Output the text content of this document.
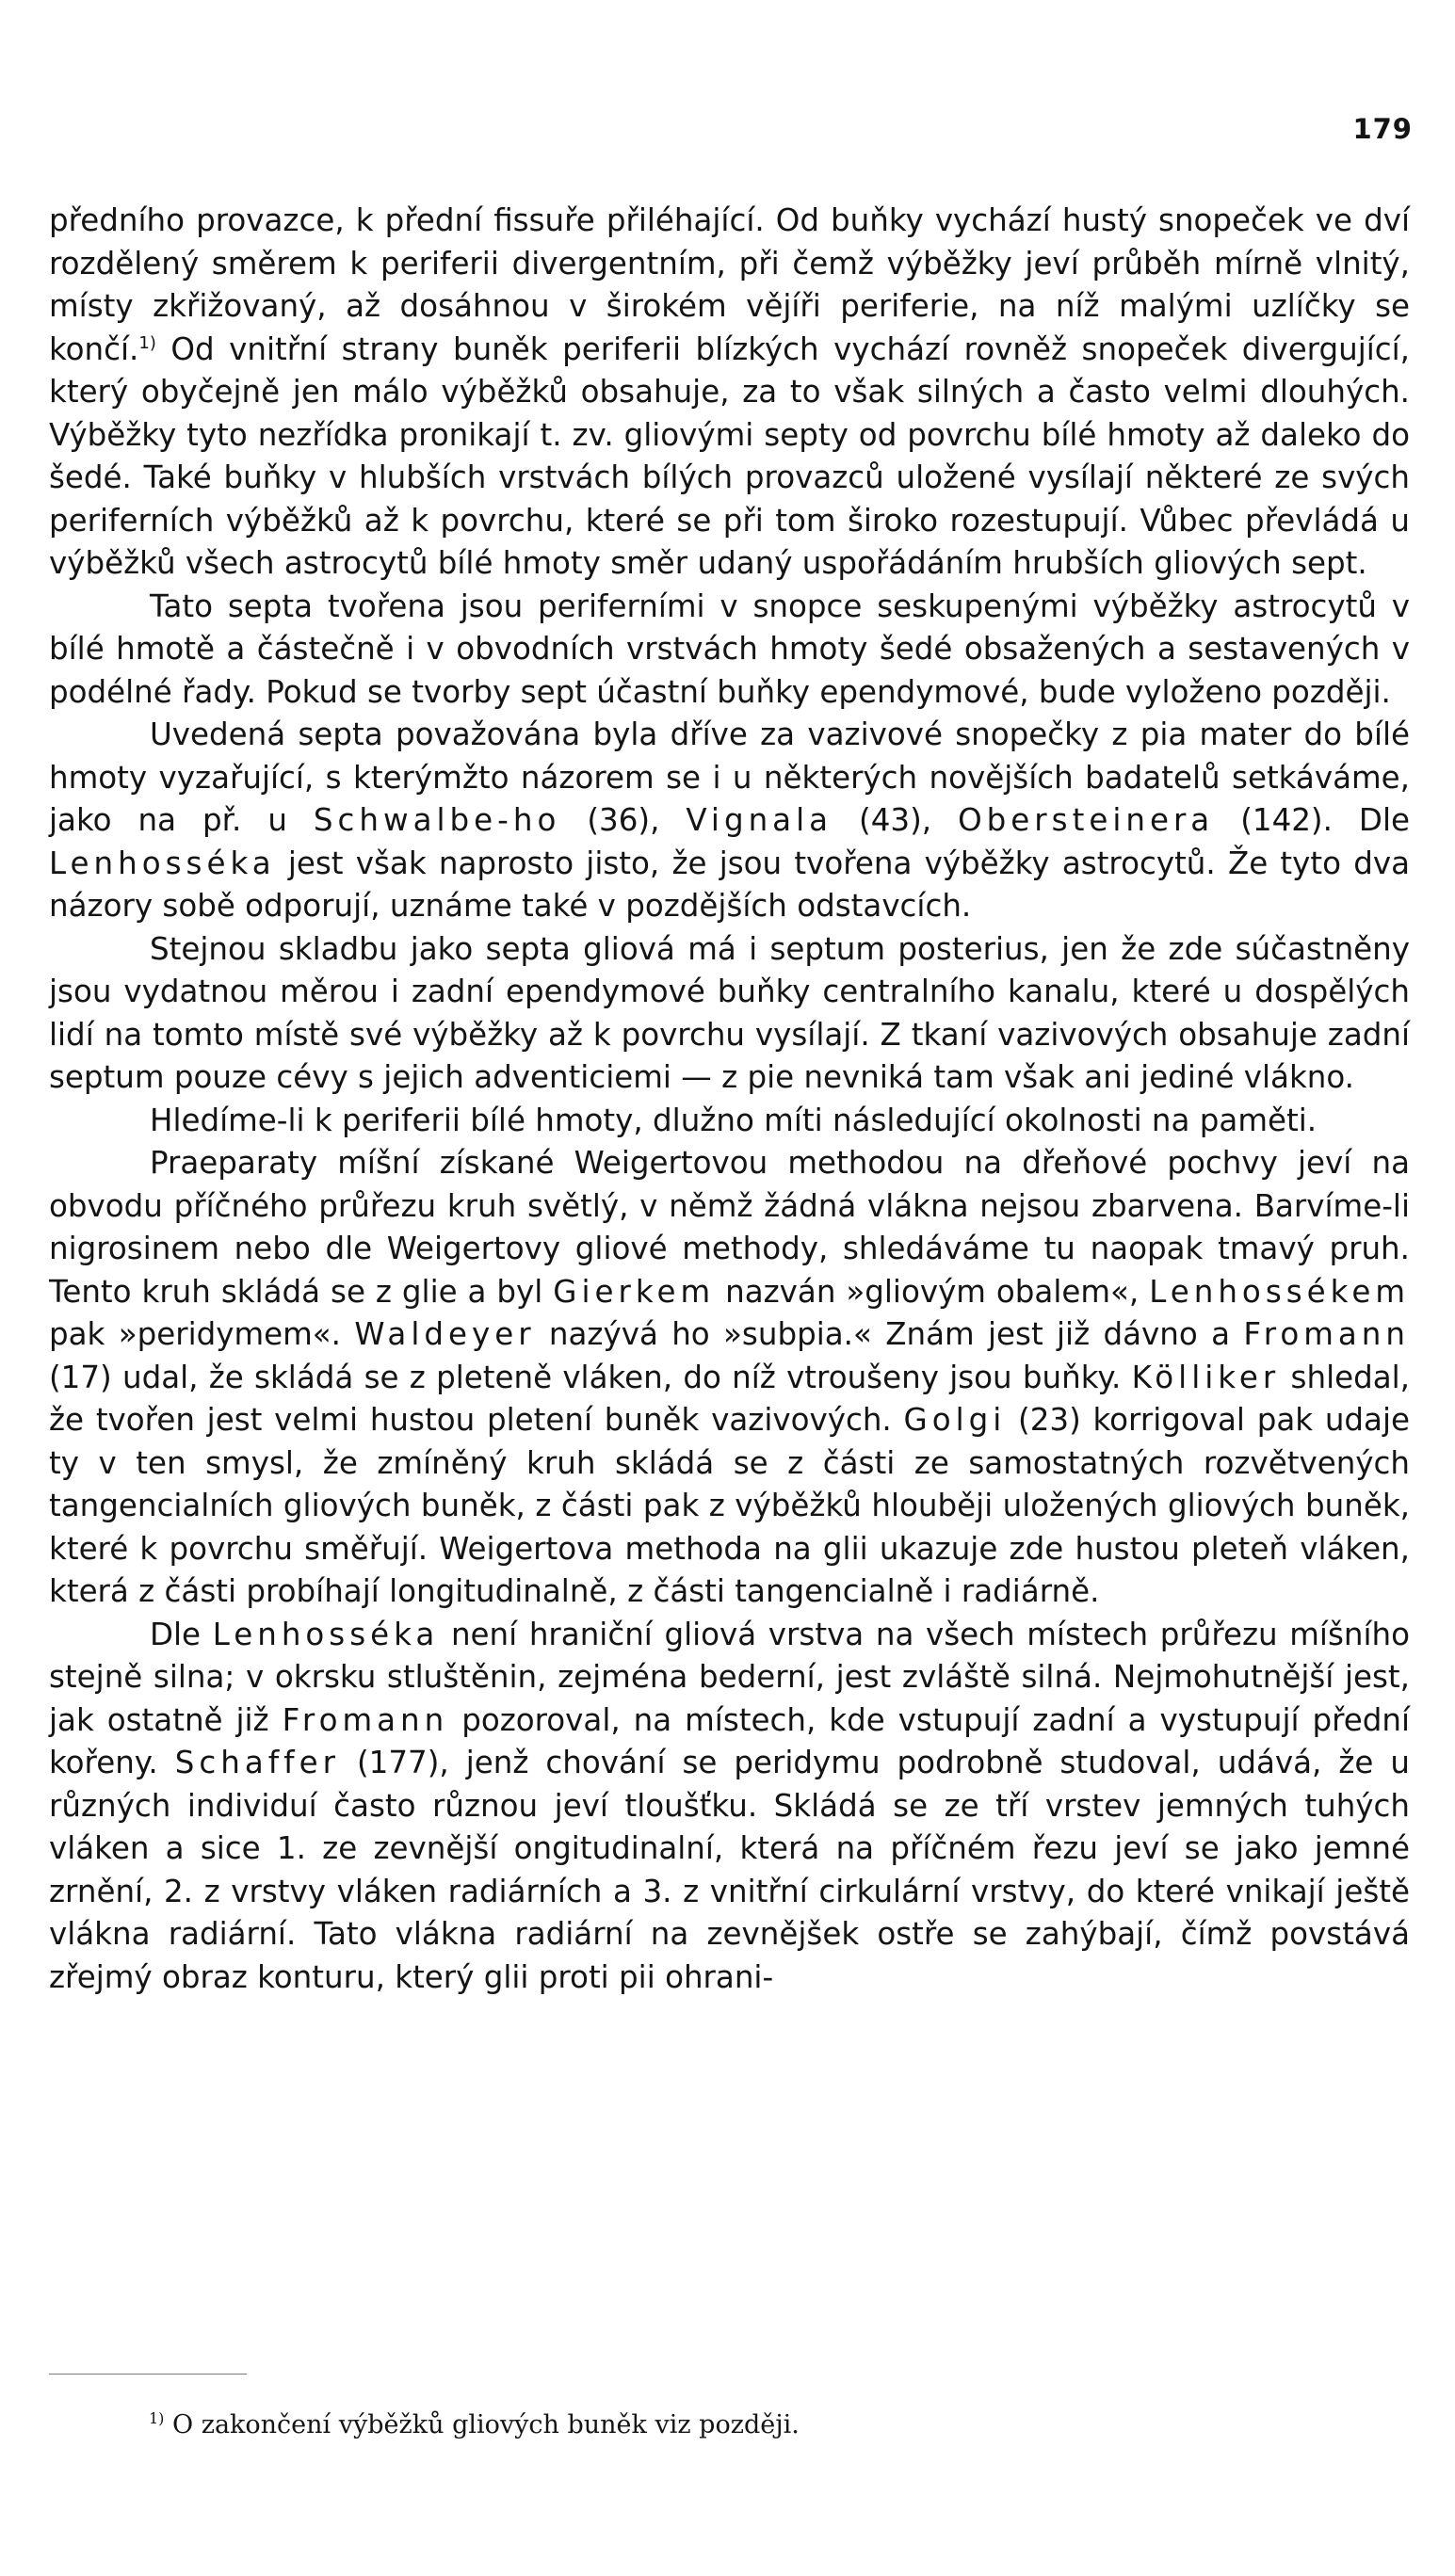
179

předního provazce, k přední fissuře přiléhající. Od buňky vychází hustý snopeček ve dví rozdělený směrem k periferii divergentním, při čemž výběžky jeví průběh mírně vlnitý, místy zkřižovaný, až dosáhnou v širokém vějíři periferie, na níž malými uzlíčky se končí.$^{1)}$ Od vnitřní strany buněk periferii blízkých vychází rovněž snopeček divergující, který obyčejně jen málo výběžků obsahuje, za to však silných a často velmi dlouhých. Výběžky tyto nezřídka pronikají t. zv. gliovými septy od povrchu bílé hmoty až daleko do šedé. Také buňky v hlubších vrstvách bílých provazců uložené vysílají některé ze svých periferních výběžků až k povrchu, které se při tom široko rozestupují. Vůbec převládá u výběžků všech astrocytů bílé hmoty směr udaný uspořádáním hrubších gliových sept.

Tato septa tvořena jsou periferními v snopce seskupenými výběžky astrocytů v bílé hmotě a částečně i v obvodních vrstvách hmoty šedé obsažených a sestavených v podélné řady. Pokud se tvorby sept účastní buňky ependymové, bude vyloženo později.

Uvedená septa považována byla dříve za vazivové snopečky z pia mater do bílé hmoty vyzařující, s kterýmžto názorem se i u některých novějších badatelů setkáváme, jako na př. u Schwalbe-ho (36), Vignala (43), Obersteinera (142). Dle Lenhosséka jest však naprosto jisto, že jsou tvořena výběžky astrocytů. Že tyto dva názory sobě odporují, uznáme také v pozdějších odstavcích.

Stejnou skladbu jako septa gliová má i septum posterius, jen že zde súčastněny jsou vydatnou měrou i zadní ependymové buňky centralního kanalu, které u dospělých lidí na tomto místě své výběžky až k povrchu vysílají. Z tkaní vazivových obsahuje zadní septum pouze cévy s jejich adventiciemi — z pie nevniká tam však ani jediné vlákno.

Hledíme-li k periferii bílé hmoty, dlužno míti následující okolnosti na paměti.

Praeparaty míšní získané Weigertovou methodou na dřeňové pochvy jeví na obvodu příčného průřezu kruh světlý, v němž žádná vlákna nejsou zbarvena. Barvíme-li nigrosinem nebo dle Weigertovy gliové methody, shledáváme tu naopak tmavý pruh. Tento kruh skládá se z glie a byl Gierkem nazván »gliovým obalem«, Lenhossékem pak »peridymem«. Waldeyer nazývá ho »subpia.« Znám jest již dávno a Fromann (17) udal, že skládá se z pleteně vláken, do níž vtroušeny jsou buňky. Kölliker shledal, že tvořen jest velmi hustou pletení buněk vazivových. Golgi (23) korrigoval pak udaje ty v ten smysl, že zmíněný kruh skládá se z části ze samostatných rozvětvených tangencialních gliových buněk, z části pak z výběžků hlouběji uložených gliových buněk, které k povrchu směřují. Weigertova methoda na glii ukazuje zde hustou pleteň vláken, která z části probíhají longitudinalně, z části tangencialně i radiárně.

Dle Lenhosséka není hraniční gliová vrstva na všech místech průřezu míšního stejně silna; v okrsku stluštěnin, zejména bederní, jest zvláště silná. Nejmohutnější jest, jak ostatně již Fromann pozoroval, na místech, kde vstupují zadní a vystupují přední kořeny. Schaffer (177), jenž chování se peridymu podrobně studoval, udává, že u různých individuí často různou jeví tloušťku. Skládá se ze tří vrstev jemných tuhých vláken a sice 1. ze zevnější ongitudinalní, která na příčném řezu jeví se jako jemné zrnění, 2. z vrstvy vláken radiárních a 3. z vnitřní cirkulární vrstvy, do které vnikají ještě vlákna radiární. Tato vlákna radiární na zevnějšek ostře se zahýbají, čímž povstává zřejmý obraz konturu, který glii proti pii ohrani-

$^{1)}$ O zakončení výběžků gliových buněk viz později.
